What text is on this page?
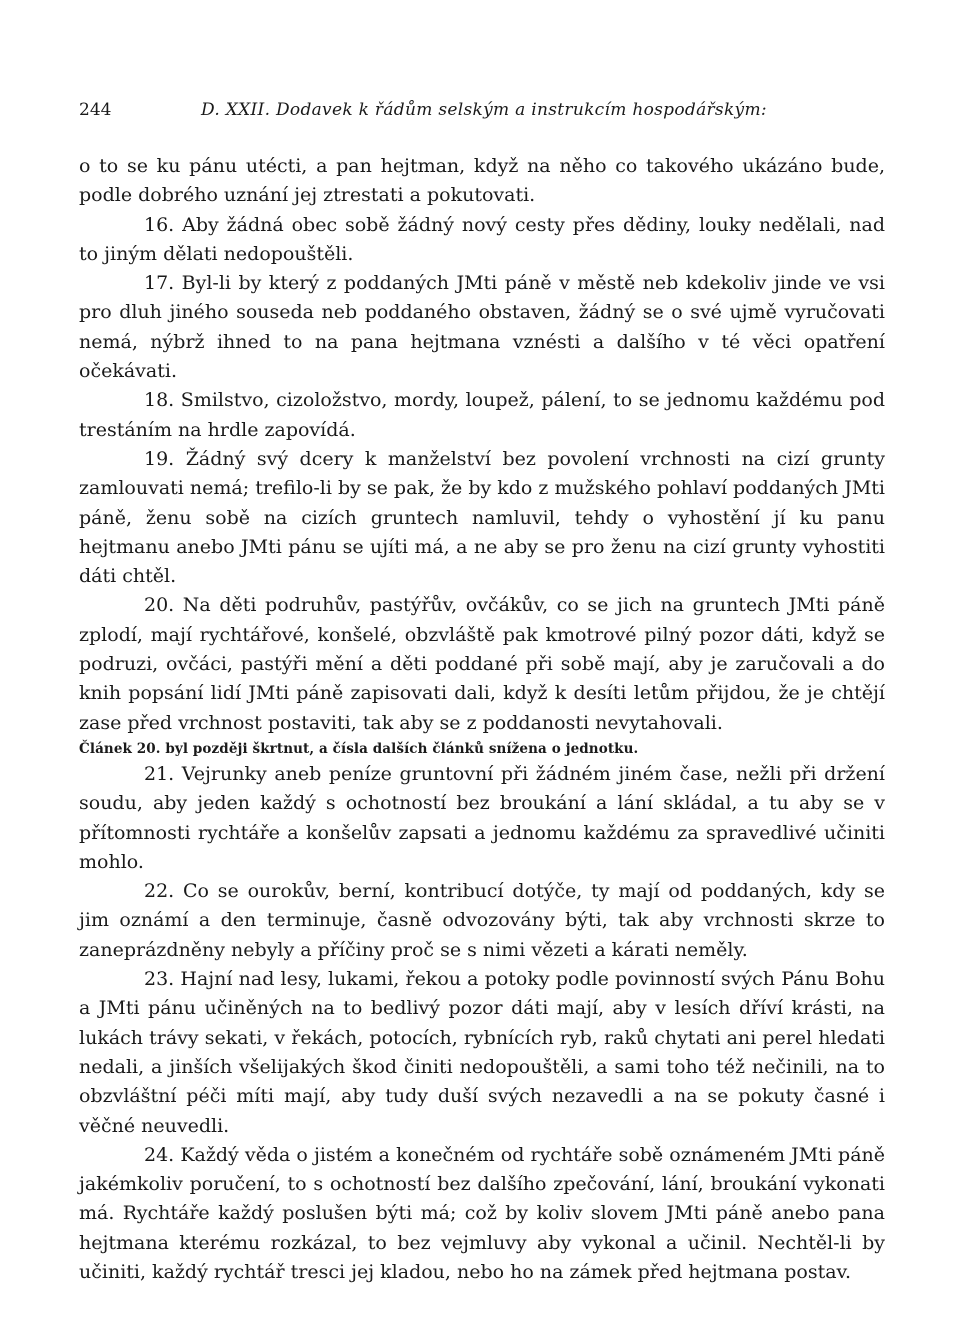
244	D. XXII. Dodavek k řádům selským a instrukcím hospodářským:

o to se ku pánu utécti, a pan hejtman, když na něho co takového ukázáno bude, podle dobrého uznání jej ztrestati a pokutovati.

16. Aby žádná obec sobě žádný nový cesty přes dědiny, louky nedělali, nad to jiným dělati nedopouštěli.

17. Byl-li by který z poddaných JMti páně v městě neb kdekoliv jinde ve vsi pro dluh jiného souseda neb poddaného obstaven, žádný se o své ujmě vyručovati nemá, nýbrž ihned to na pana hejtmana vznésti a dalšího v té věci opatření očekávati.

18. Smilstvo, cizoložstvo, mordy, loupež, pálení, to se jednomu každému pod trestáním na hrdle zapovídá.

19. Žádný svý dcery k manželství bez povolení vrchnosti na cizí grunty zamlouvati nemá; trefilo-li by se pak, že by kdo z mužského pohlaví poddaných JMti páně, ženu sobě na cizích gruntech namluvil, tehdy o vyhostění jí ku panu hejtmanu anebo JMti pánu se ujíti má, a ne aby se pro ženu na cizí grunty vyhostiti dáti chtěl.

20. Na děti podruhův, pastýřův, ovčákův, co se jich na gruntech JMti páně zplodí, mají rychtářové, konšelé, obzvláště pak kmotrové pilný pozor dáti, když se podruzi, ovčáci, pastýři mění a děti poddané při sobě mají, aby je zaručovali a do knih popsání lidí JMti páně zapisovati dali, když k desíti letům přijdou, že je chtějí zase před vrchnost postaviti, tak aby se z poddanosti nevytahovali.

Článek 20. byl později škrtnut, a čísla dalších článků snížena o jednotku.

21. Vejrunky aneb peníze gruntovní při žádném jiném čase, nežli při držení soudu, aby jeden každý s ochotností bez broukání a lání skládal, a tu aby se v přítomnosti rychtáře a konšelův zapsati a jednomu každému za spravedlivé učiniti mohlo.

22. Co se ourokův, berní, kontribucí dotýče, ty mají od poddaných, kdy se jim oznámí a den terminuje, časně odvozovány býti, tak aby vrchnosti skrze to zaneprázdněny nebyly a příčiny proč se s nimi vězeti a kárati neměly.

23. Hajní nad lesy, lukami, řekou a potoky podle povinností svých Pánu Bohu a JMti pánu učiněných na to bedlivý pozor dáti mají, aby v lesích dříví krásti, na lukách trávy sekati, v řekách, potocích, rybnících ryb, raků chytati ani perel hledati nedali, a jinších všelijakých škod činiti nedopouštěli, a sami toho též nečinili, na to obzvláštní péči míti mají, aby tudy duší svých nezavedli a na se pokuty časné i věčné neuvedli.

24. Každý věda o jistém a konečném od rychtáře sobě oznámeném JMti páně jakémkoliv poručení, to s ochotností bez dalšího zpečování, lání, broukání vykonati má. Rychtáře každý poslušen býti má; což by koliv slovem JMti páně anebo pana hejtmana kterému rozkázal, to bez vejmluvy aby vykonal a učinil. Nechtěl-li by učiniti, každý rychtář tresci jej kladou, nebo ho na zámek před hejtmana postav.
